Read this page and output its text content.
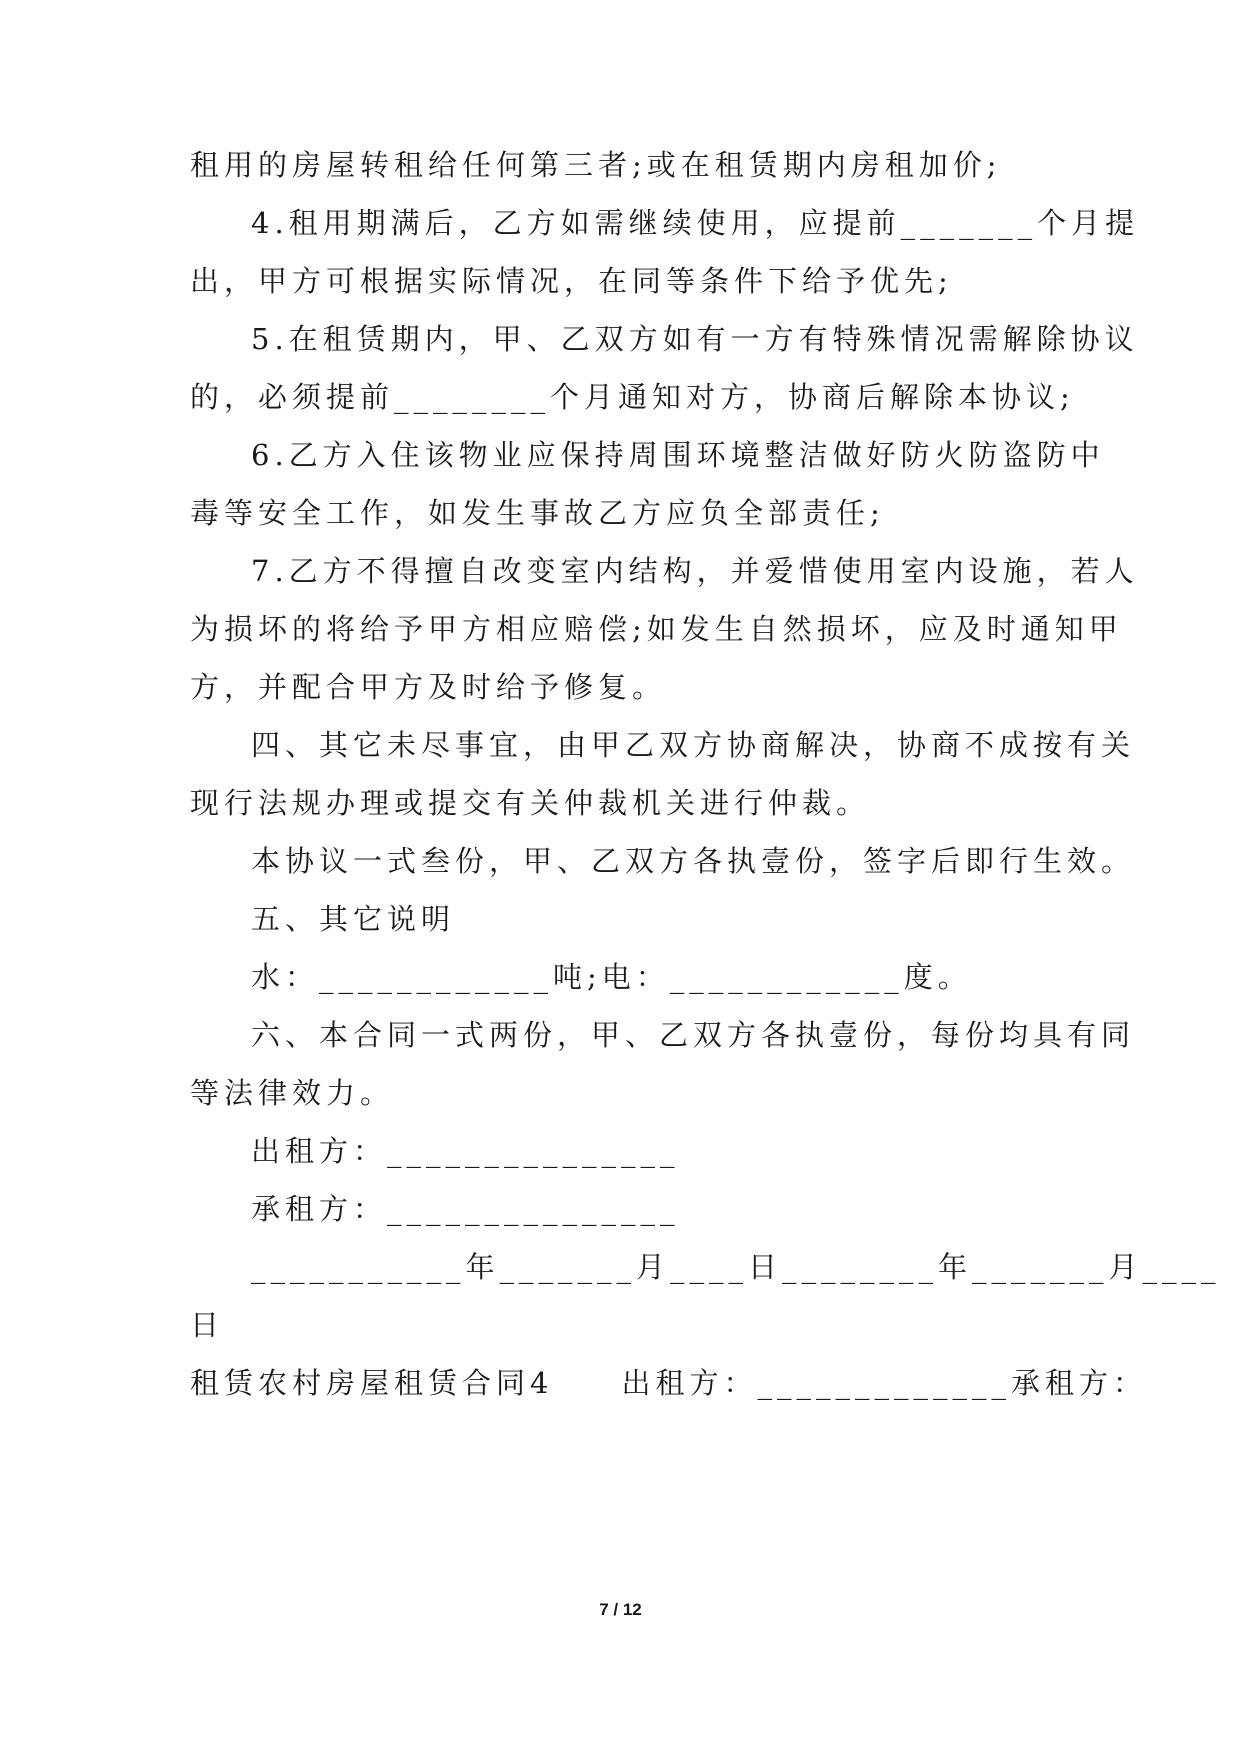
租用的房屋转租给任何第三者;或在租赁期内房租加价;
4.租用期满后，乙方如需继续使用，应提前_______个月提
出，甲方可根据实际情况，在同等条件下给予优先;
5.在租赁期内，甲、乙双方如有一方有特殊情况需解除协议
的，必须提前________个月通知对方，协商后解除本协议;
6.乙方入住该物业应保持周围环境整洁做好防火防盗防中
毒等安全工作，如发生事故乙方应负全部责任;
7.乙方不得擅自改变室内结构，并爱惜使用室内设施，若人
为损坏的将给予甲方相应赔偿;如发生自然损坏，应及时通知甲
方，并配合甲方及时给予修复。
四、其它未尽事宜，由甲乙双方协商解决，协商不成按有关
现行法规办理或提交有关仲裁机关进行仲裁。
本协议一式叁份，甲、乙双方各执壹份，签字后即行生效。
五、其它说明
水：____________吨;电：____________度。
六、本合同一式两份，甲、乙双方各执壹份，每份均具有同
等法律效力。
出租方：_______________
承租方：_______________
___________年_______月____日________年_______月____
日
租赁农村房屋租赁合同4　　出租方：_____________承租方：
7 / 12
